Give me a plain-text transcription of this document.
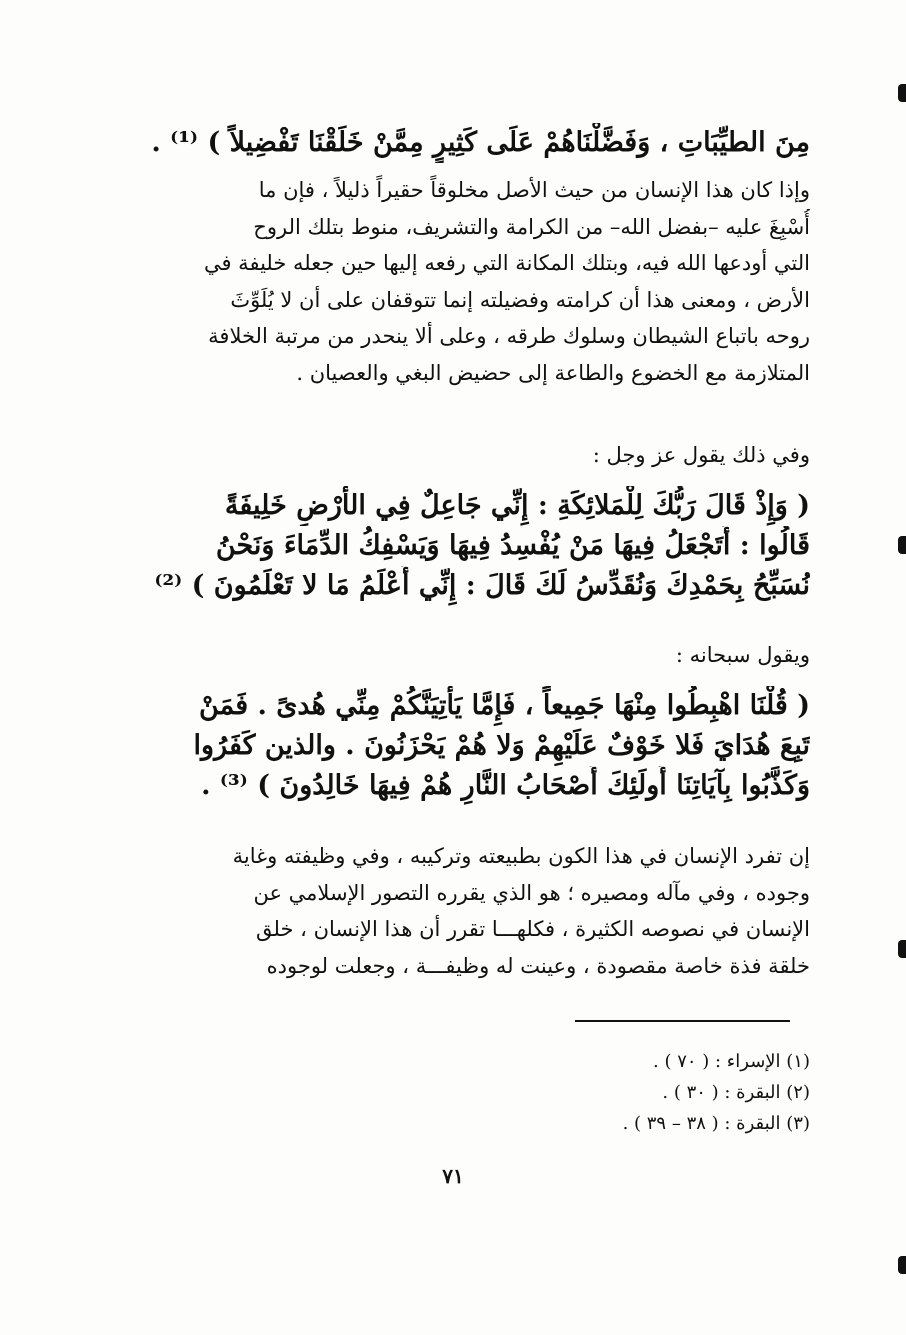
مِنَ الطيِّبَاتِ ، وَفَضَّلْنَاهُمْ عَلَى كَثِيرٍ مِمَّنْ خَلَقْنَا تَفْضِيلاً ) ⁽¹⁾ .
وإذا كان هذا الإنسان من حيث الأصل مخلوقاً حقيراً ذليلاً ، فإن ما
أُسْبِغَ عليه –بفضل الله– من الكرامة والتشريف، منوط بتلك الروح
التي أودعها الله فيه، وبتلك المكانة التي رفعه إليها حين جعله خليفة في
الأرض ، ومعنى هذا أن كرامته وفضيلته إنما تتوقفان على أن لا يُلَوِّثَ
روحه باتباع الشيطان وسلوك طرقه ، وعلى ألا ينحدر من مرتبة الخلافة
المتلازمة مع الخضوع والطاعة إلى حضيض البغي والعصيان .
وفي ذلك يقول عز وجل :
( وَإِذْ قَالَ رَبُّكَ لِلْمَلائِكَةِ : إِنِّي جَاعِلٌ فِي الأَرْضِ خَلِيفَةً
قَالُوا : أَتَجْعَلُ فِيهَا مَنْ يُفْسِدُ فِيهَا وَيَسْفِكُ الدِّمَاءَ وَنَحْنُ
نُسَبِّحُ بِحَمْدِكَ وَنُقَدِّسُ لَكَ قَالَ : إِنِّي أَعْلَمُ مَا لا تَعْلَمُونَ ) ⁽²⁾
ويقول سبحانه :
( قُلْنَا اهْبِطُوا مِنْهَا جَمِيعاً ، فَإِمَّا يَأْتِيَنَّكُمْ مِنِّي هُدىً . فَمَنْ
تَبِعَ هُدَايَ فَلا خَوْفٌ عَلَيْهِمْ وَلا هُمْ يَحْزَنُونَ . والذين كَفَرُوا
وَكَذَّبُوا بِآيَاتِنَا أُولَئِكَ أَصْحَابُ النَّارِ هُمْ فِيهَا خَالِدُونَ ) ⁽³⁾ .
إن تفرد الإنسان في هذا الكون بطبيعته وتركيبه ، وفي وظيفته وغاية
وجوده ، وفي مآله ومصيره ؛ هو الذي يقرره التصور الإسلامي عن
الإنسان في نصوصه الكثيرة ، فكلهـــا تقرر أن هذا الإنسان ، خلق
خلقة فذة خاصة مقصودة ، وعينت له وظيفـــة ، وجعلت لوجوده
(١) الإسراء : ( ٧٠ ) .
(٢) البقرة : ( ٣٠ ) .
(٣) البقرة : ( ٣٨ – ٣٩ ) .
٧١
